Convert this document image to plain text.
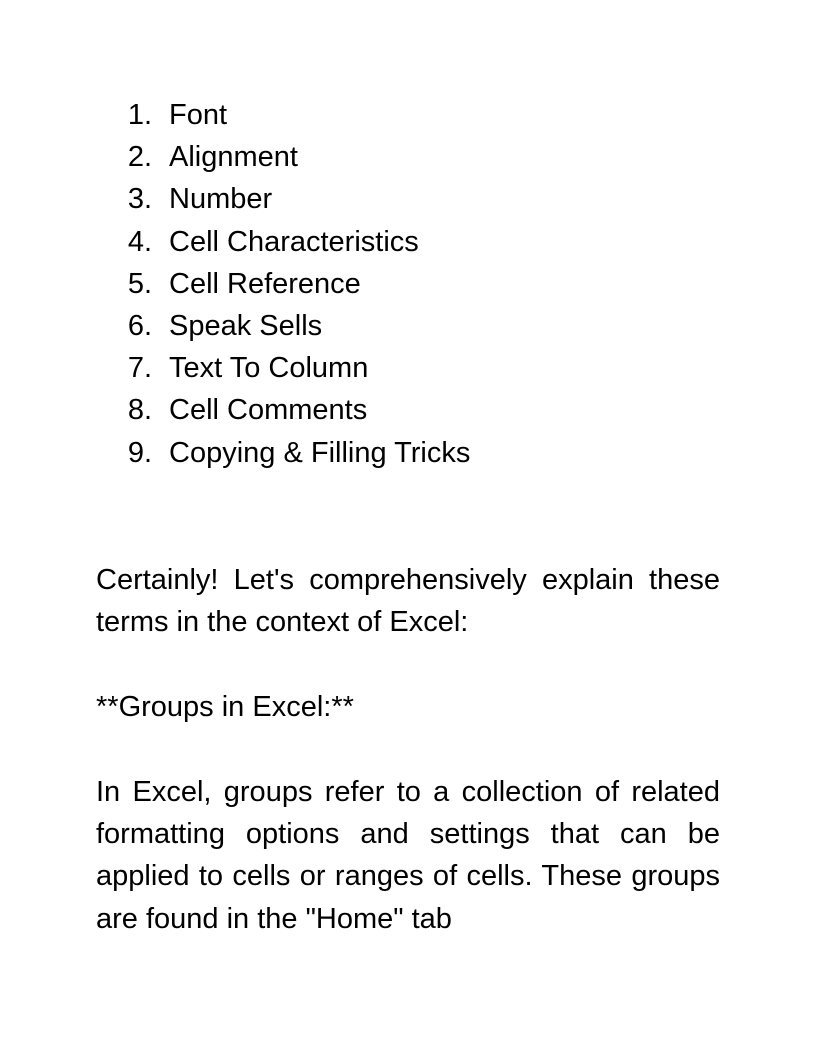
1. Font
2. Alignment
3. Number
4. Cell Characteristics
5. Cell Reference
6. Speak Sells
7. Text To Column
8. Cell Comments
9. Copying & Filling Tricks

Certainly! Let's comprehensively explain these terms in the context of Excel:

**Groups in Excel:**

In Excel, groups refer to a collection of related formatting options and settings that can be applied to cells or ranges of cells. These groups are found in the "Home" tab
